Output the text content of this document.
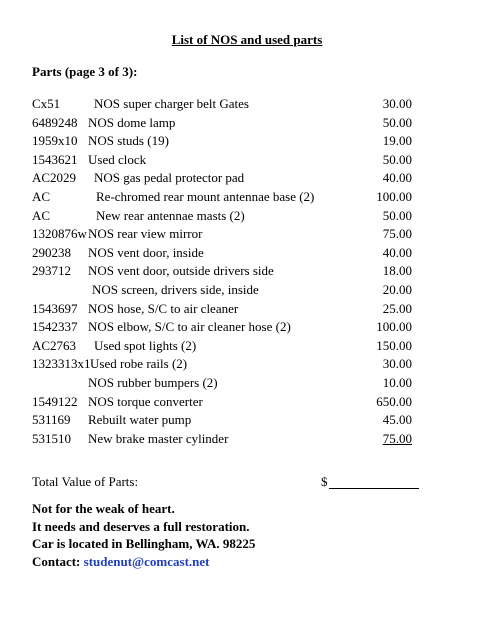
List of NOS and used parts
Parts (page 3 of 3):
Cx51	NOS super charger belt Gates	30.00
6489248 NOS dome lamp	50.00
1959x10 NOS studs (19)	19.00
1543621 Used clock	50.00
AC2029 NOS gas pedal protector pad	40.00
AC	Re-chromed rear mount antennae base (2)	100.00
AC	New rear antennae masts (2)	50.00
1320876w NOS rear view mirror	75.00
290238 NOS vent door, inside	40.00
293712 NOS vent door, outside drivers side	18.00
NOS screen, drivers side, inside	20.00
1543697 NOS hose, S/C to air cleaner	25.00
1542337 NOS elbow, S/C to air cleaner hose (2)	100.00
AC2763 Used spot lights (2)	150.00
1323313x1 Used robe rails (2)	30.00
NOS rubber bumpers (2)	10.00
1549122 NOS torque converter	650.00
531169 Rebuilt water pump	45.00
531510 New brake master cylinder	75.00
Total Value of Parts:	$
Not for the weak of heart.
It needs and deserves a full restoration.
Car is located in Bellingham, WA. 98225
Contact: studenut@comcast.net
